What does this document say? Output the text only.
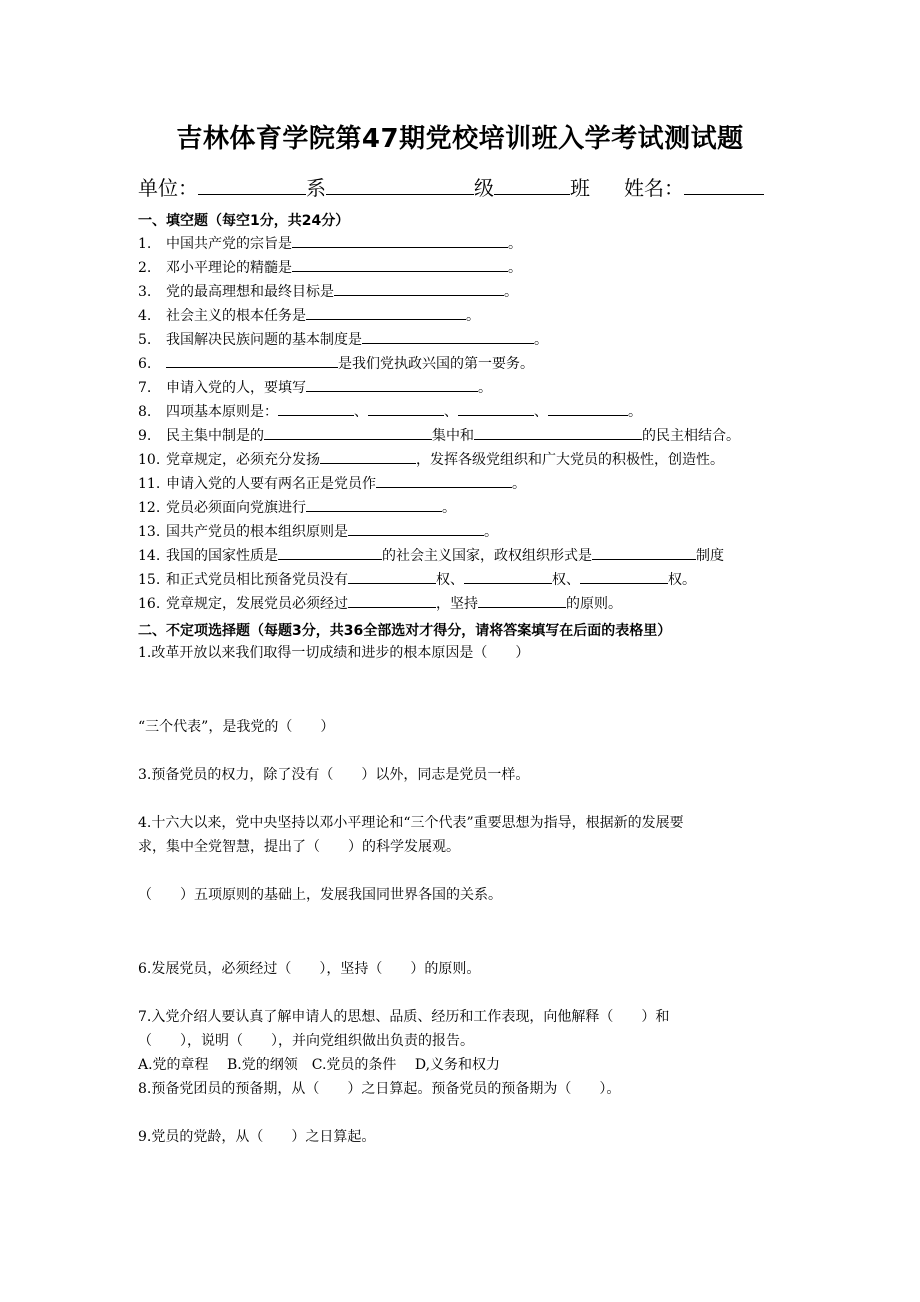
吉林体育学院第47期党校培训班入学考试测试题
单位：	系	级	班 姓名：
一、填空题（每空1分，共24分）
1. 中国共产党的宗旨是	。
2. 邓小平理论的精髓是	。
3. 党的最高理想和最终目标是	。
4. 社会主义的根本任务是	。
5. 我国解决民族问题的基本制度是	。
6.	是我们党执政兴国的第一要务。
7. 申请入党的人，要填写	。
8. 四项基本原则是：	、	、	、	。
9. 民主集中制是的	集中和	的民主相结合。
10. 党章规定，必须充分发扬	，发挥各级党组织和广大党员的积极性，创造性。
11. 申请入党的人要有两名正是党员作	。
12. 党员必须面向党旗进行	。
13. 国共产党员的根本组织原则是	。
14. 我国的国家性质是	的社会主义国家，政权组织形式是	制度
15. 和正式党员相比预备党员没有	权、	权、	权。
16. 党章规定，发展党员必须经过	，坚持	的原则。
二、不定项选择题（每题3分，共36全部选对才得分，请将答案填写在后面的表格里）
1.改革开放以来我们取得一切成绩和进步的根本原因是（　　）
“三个代表”，是我党的（　　）
3.预备党员的权力，除了没有（　　）以外，同志是党员一样。
4.十六大以来，党中央坚持以邓小平理论和“三个代表”重要思想为指导，根据新的发展要
求，集中全党智慧，提出了（　　）的科学发展观。
（　　）五项原则的基础上，发展我国同世界各国的关系。
6.发展党员，必须经过（　　），坚持（　　）的原则。
7.入党介绍人要认真了解申请人的思想、品质、经历和工作表现，向他解释（　　）和
（　　），说明（　　），并向党组织做出负责的报告。
A.党的章程　 B.党的纲领　C.党员的条件　 D,义务和权力
8.预备党团员的预备期，从（　　）之日算起。预备党员的预备期为（　　）。
9.党员的党龄，从（　　）之日算起。
